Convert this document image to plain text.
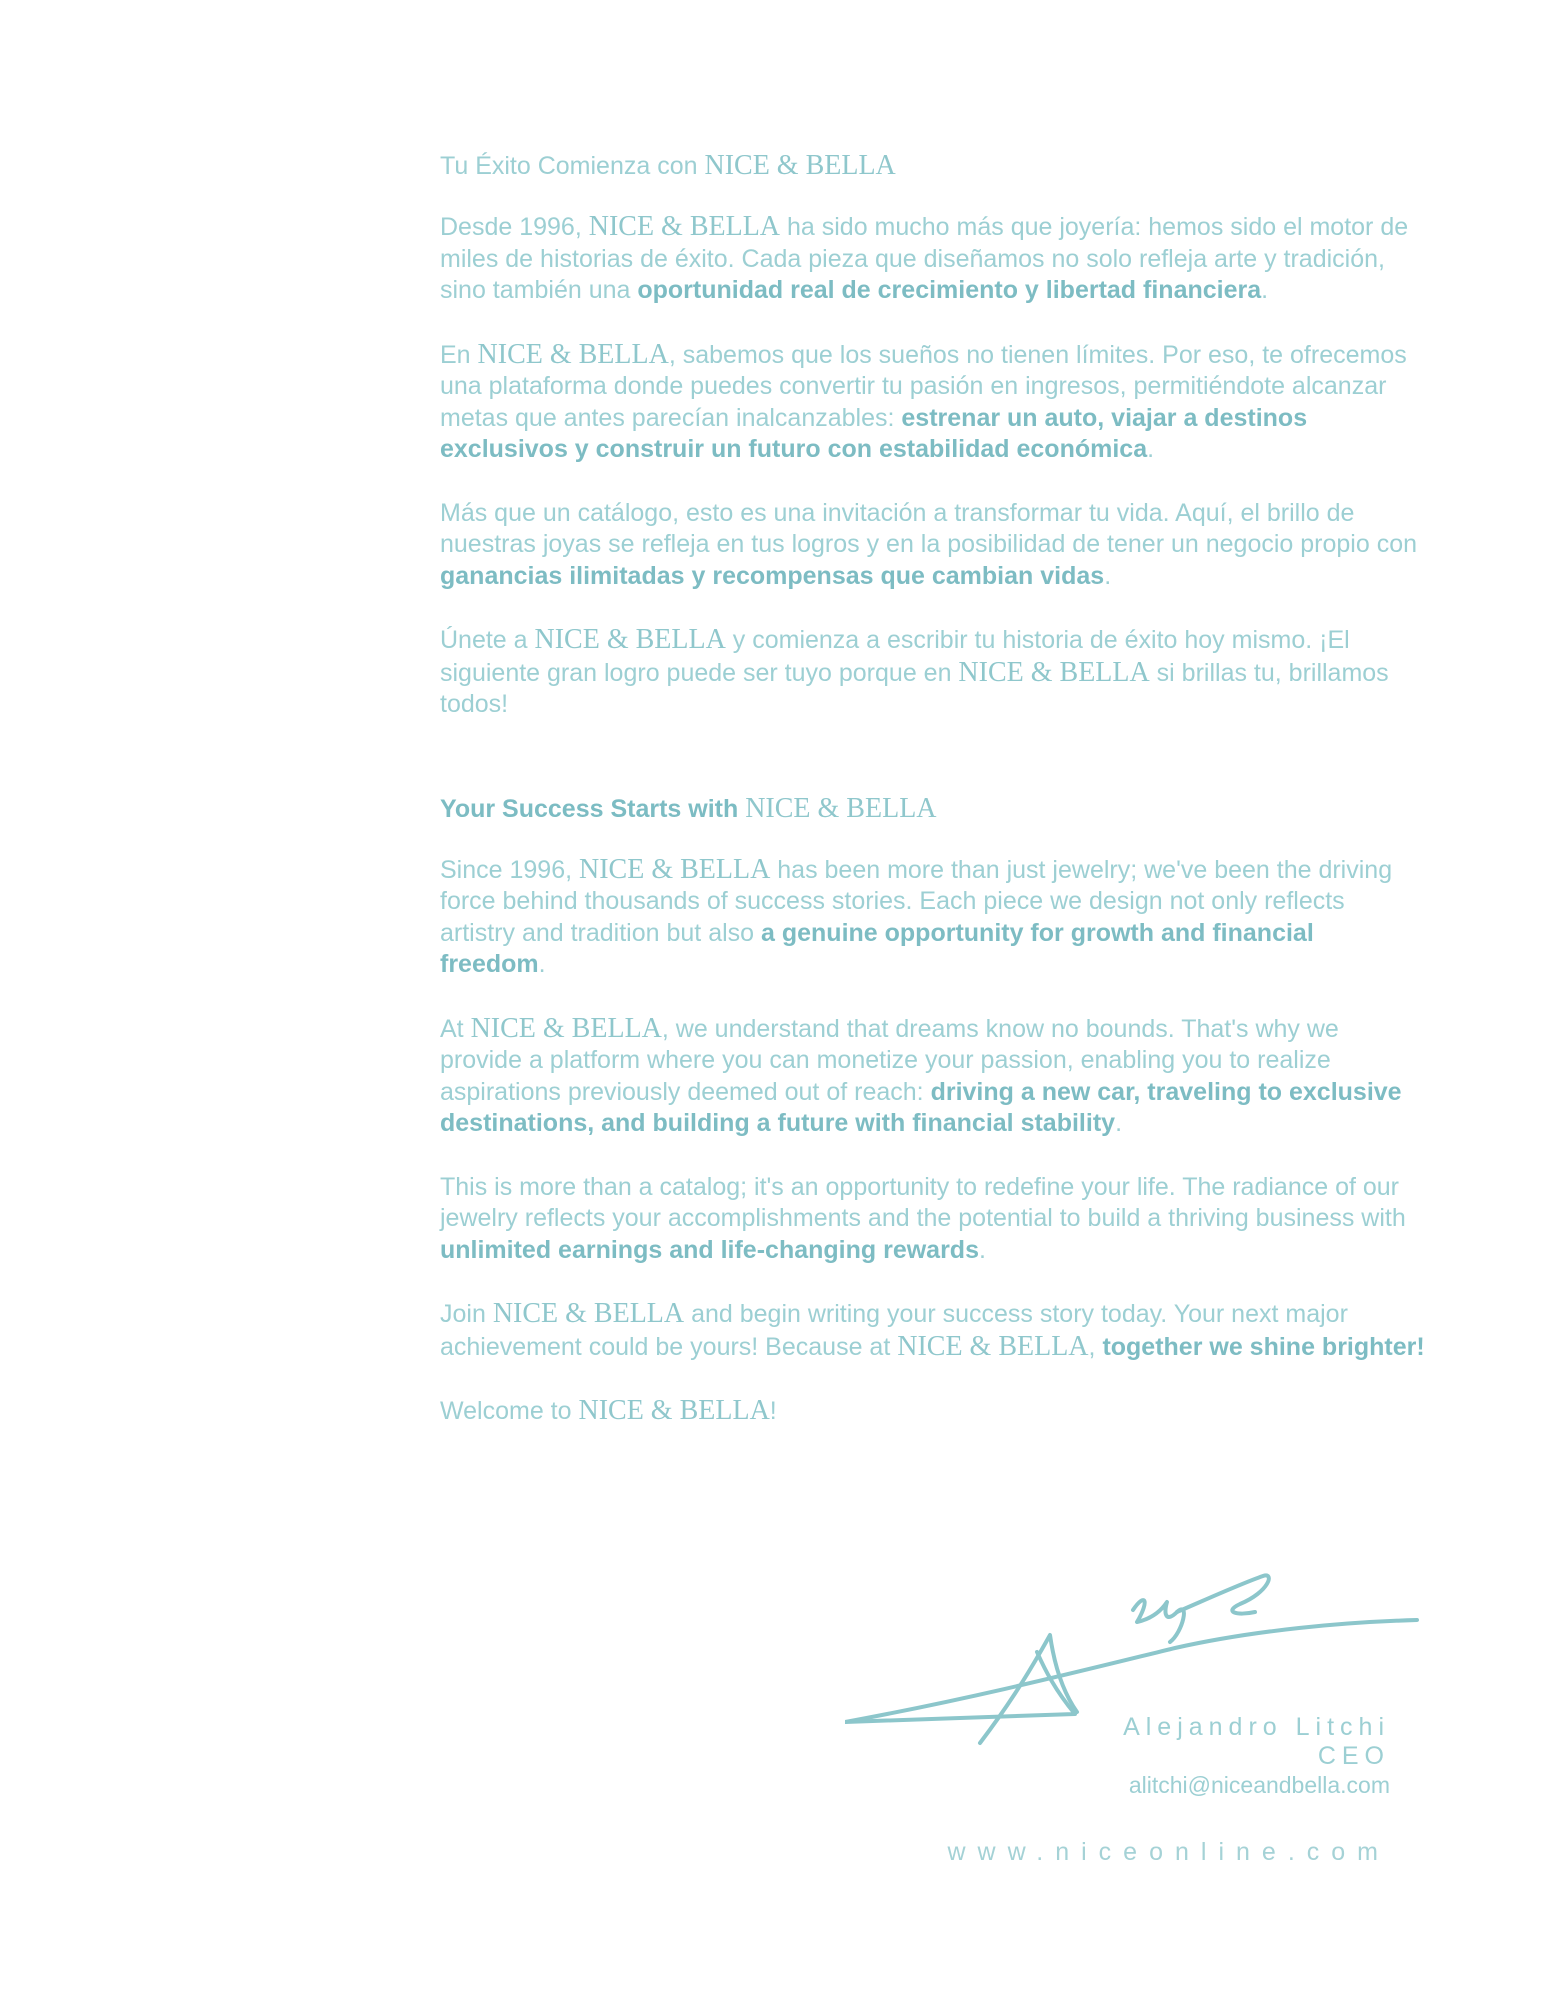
Tu Éxito Comienza con NICE & BELLA
Desde 1996, NICE & BELLA ha sido mucho más que joyería: hemos sido el motor de miles de historias de éxito. Cada pieza que diseñamos no solo refleja arte y tradición, sino también una oportunidad real de crecimiento y libertad financiera.
En NICE & BELLA, sabemos que los sueños no tienen límites. Por eso, te ofrecemos una plataforma donde puedes convertir tu pasión en ingresos, permitiéndote alcanzar metas que antes parecían inalcanzables: estrenar un auto, viajar a destinos exclusivos y construir un futuro con estabilidad económica.
Más que un catálogo, esto es una invitación a transformar tu vida. Aquí, el brillo de nuestras joyas se refleja en tus logros y en la posibilidad de tener un negocio propio con ganancias ilimitadas y recompensas que cambian vidas.
Únete a NICE & BELLA y comienza a escribir tu historia de éxito hoy mismo. ¡El siguiente gran logro puede ser tuyo porque en NICE & BELLA si brillas tu, brillamos todos!
Your Success Starts with NICE & BELLA
Since 1996, NICE & BELLA has been more than just jewelry; we've been the driving force behind thousands of success stories. Each piece we design not only reflects artistry and tradition but also a genuine opportunity for growth and financial freedom.
At NICE & BELLA, we understand that dreams know no bounds. That's why we provide a platform where you can monetize your passion, enabling you to realize aspirations previously deemed out of reach: driving a new car, traveling to exclusive destinations, and building a future with financial stability.
This is more than a catalog; it's an opportunity to redefine your life. The radiance of our jewelry reflects your accomplishments and the potential to build a thriving business with unlimited earnings and life-changing rewards.
Join NICE & BELLA and begin writing your success story today. Your next major achievement could be yours! Because at NICE & BELLA, together we shine brighter!
Welcome to NICE & BELLA!
Alejandro Litchi
CEO
alitchi@niceandbella.com
www.niceonline.com
